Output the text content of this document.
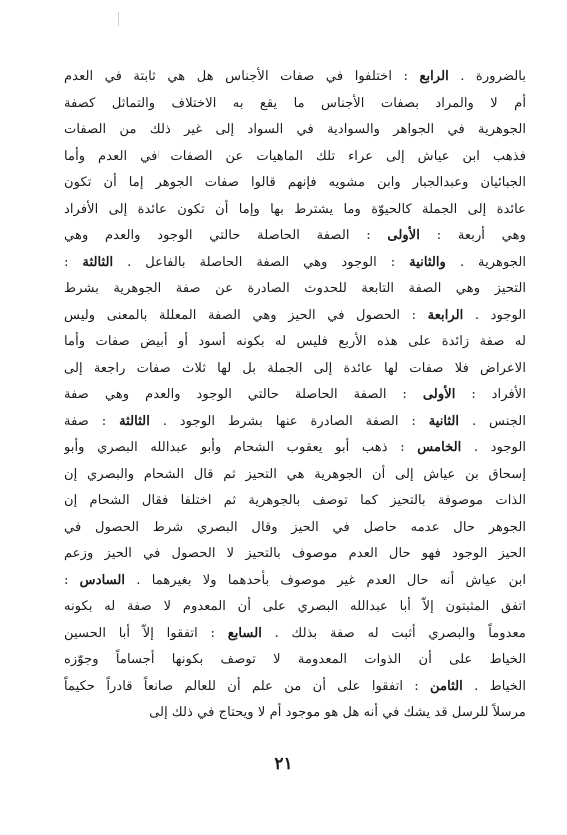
بالضرورة . الرابع : اختلفوا في صفات الأجناس هل هي ثابتة في العدم
أم لا والمراد بصفات الأجناس ما يقع به الاختلاف والتماثل كصفة
الجوهرية في الجواهر والسوادية في السواد إلى غير ذلك من الصفات
فذهب ابن عياش إلى عراء تلك الماهيات عن الصفات في العدم وأما
الجبائيان وعبدالجبار وابن مشويه فإنهم قالوا صفات الجوهر إما أن تكون
عائدة إلى الجملة كالحيوّة وما يشترط بها وإما أن تكون عائدة إلى الأفراد
وهي أربعة : الأولى : الصفة الحاصلة حالتي الوجود والعدم وهي
الجوهرية . والثانية : الوجود وهي الصفة الحاصلة بالفاعل . الثالثة :
التحيز وهي الصفة التابعة للحدوث الصادرة عن صفة الجوهرية بشرط
الوجود . الرابعة : الحصول في الحيز وهي الصفة المعللة بالمعنى وليس
له صفة زائدة على هذه الأربع فليس له بكونه أسود أو أبيض صفات وأما
الاعراض فلا صفات لها عائدة إلى الجملة بل لها ثلاث صفات راجعة إلى
الأفراد : الأولى : الصفة الحاصلة حالتي الوجود والعدم وهي صفة
الجنس . الثانية : الصفة الصادرة عنها بشرط الوجود . الثالثة : صفة
الوجود . الخامس : ذهب أبو يعقوب الشحام وأبو عبدالله البصري وأبو
إسحاق بن عياش إلى أن الجوهرية هي التحيز ثم قال الشحام والبصري إن
الذات موصوفة بالتحيز كما توصف بالجوهرية ثم اختلفا فقال الشحام إن
الجوهر حال عدمه حاصل في الحيز وقال البصري شرط الحصول في
الحيز الوجود فهو حال العدم موصوف بالتحيز لا الحصول في الحيز وزعم
ابن عياش أنه حال العدم غير موصوف بأحدهما ولا بغيرهما . السادس :
اتفق المثبتون إلاّ أبا عبدالله البصري على أن المعدوم لا صفة له بكونه
معدوماً والبصري أثبت له صفة بذلك . السابع : اتفقوا إلاّ أبا الحسين
الخياط على أن الذوات المعدومة لا توصف بكونها أجساماً وجوّزه
الخياط . الثامن : اتفقوا على أن من علم أن للعالم صانعاً قادراً حكيماً
مرسلاً للرسل قد يشك في أنه هل هو موجود أم لا ويحتاج في ذلك إلى
٢١
